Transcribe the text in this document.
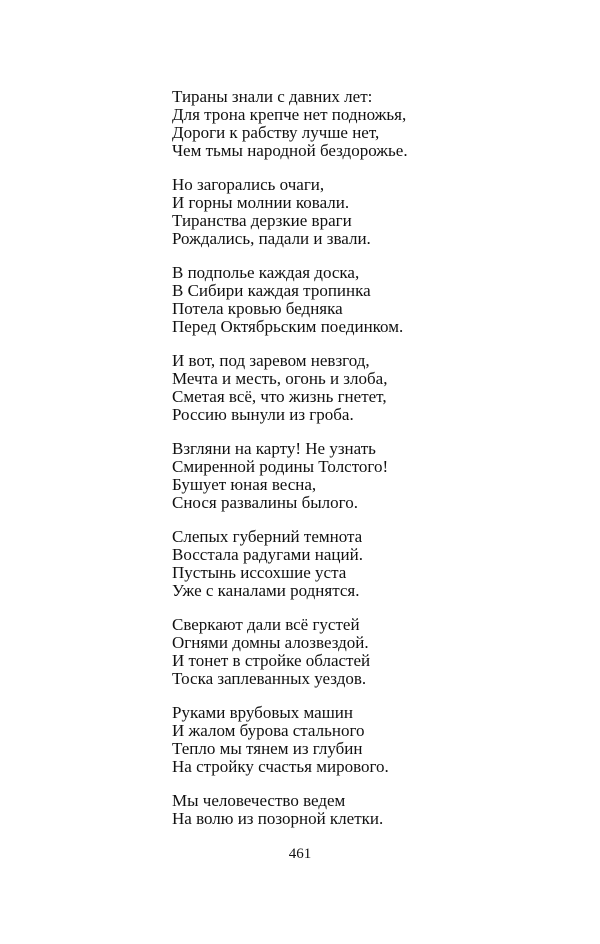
Тираны знали с давних лет:
Для трона крепче нет подножья,
Дороги к рабству лучше нет,
Чем тьмы народной бездорожье.
Но загорались очаги,
И горны молнии ковали.
Тиранства дерзкие враги
Рождались, падали и звали.
В подполье каждая доска,
В Сибири каждая тропинка
Потела кровью бедняка
Перед Октябрьским поединком.
И вот, под заревом невзгод,
Мечта и месть, огонь и злоба,
Сметая всё, что жизнь гнетет,
Россию вынули из гроба.
Взгляни на карту! Не узнать
Смиренной родины Толстого!
Бушует юная весна,
Снося развалины былого.
Слепых губерний темнота
Восстала радугами наций.
Пустынь иссохшие уста
Уже с каналами роднятся.
Сверкают дали всё густей
Огнями домны алозвездой.
И тонет в стройке областей
Тоска заплеванных уездов.
Руками врубовых машин
И жалом бурова стального
Тепло мы тянем из глубин
На стройку счастья мирового.
Мы человечество ведем
На волю из позорной клетки.
461
